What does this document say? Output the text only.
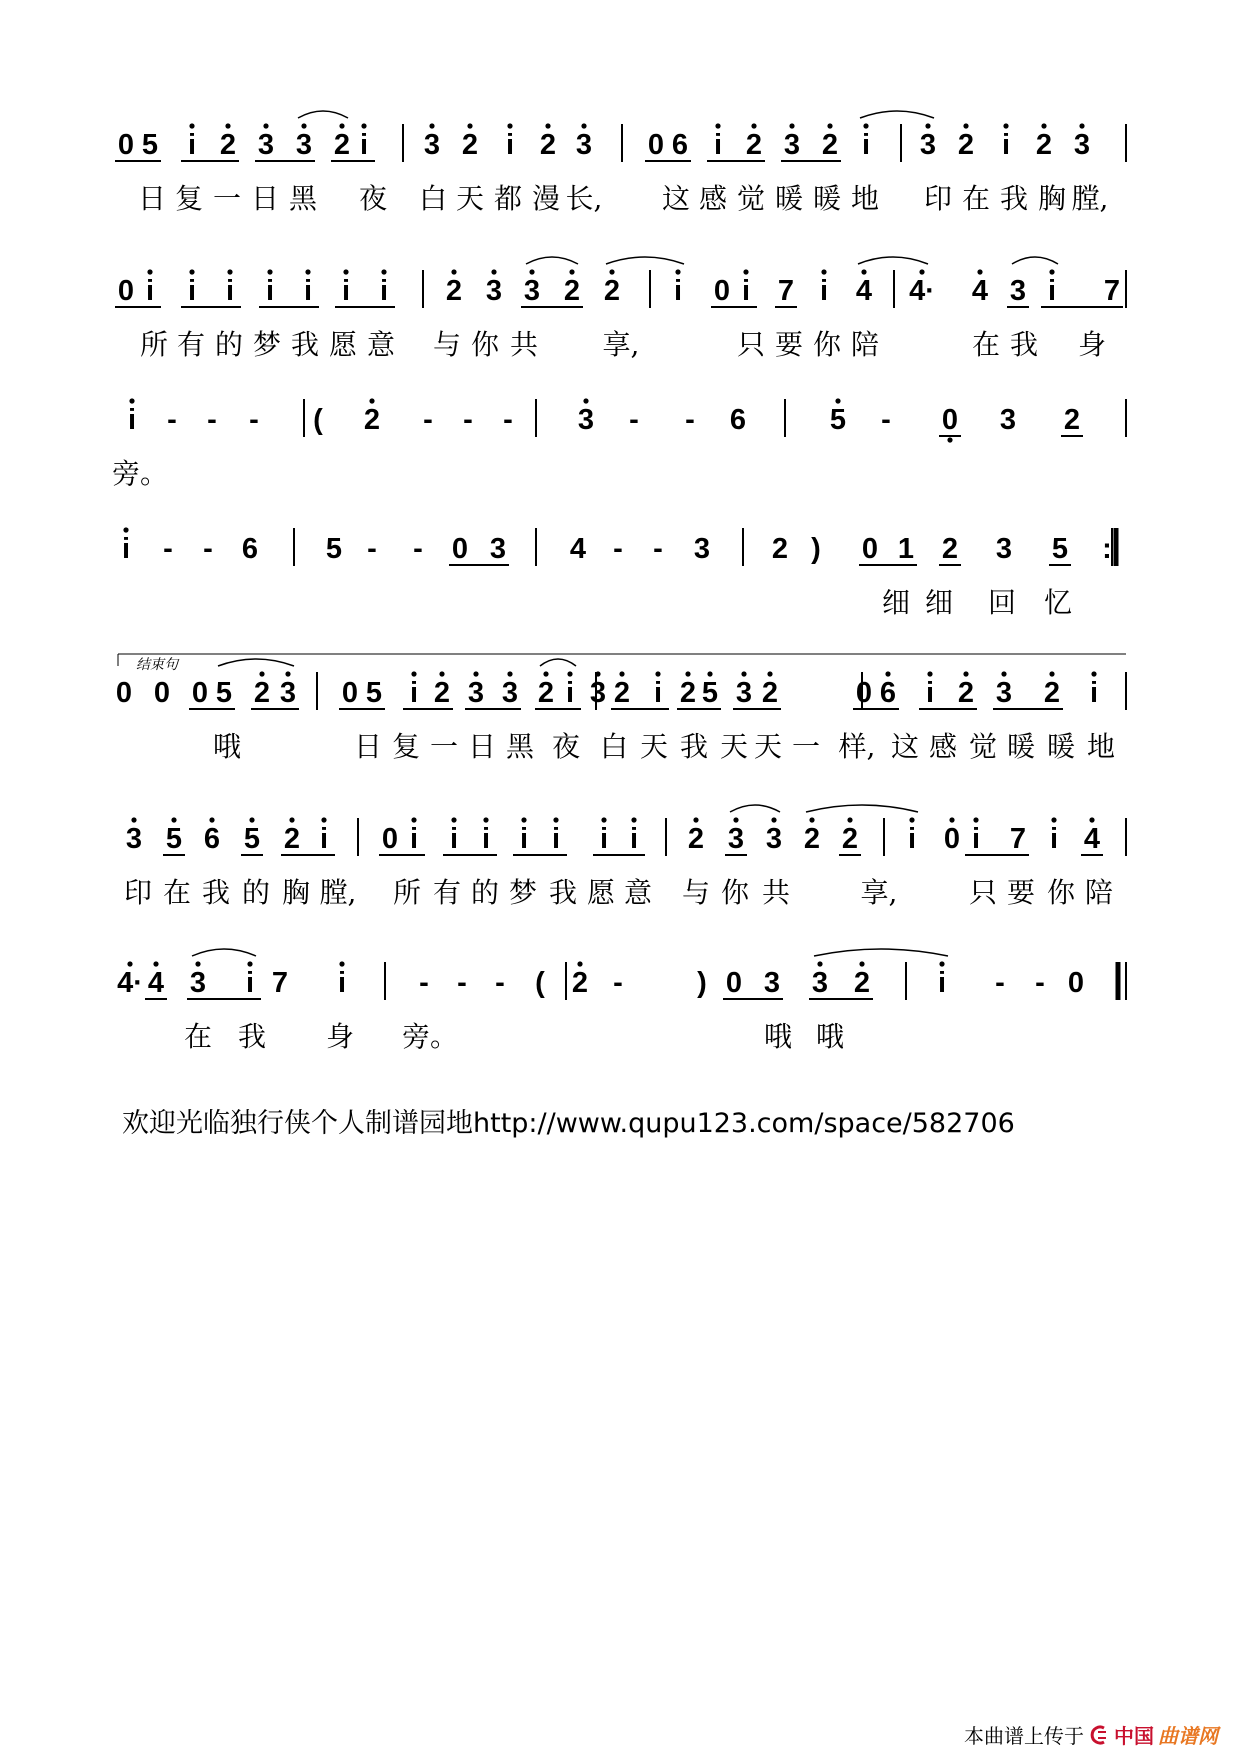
0 5 i 2 3 3 2 i 3 2 i 2 3 0 6 i 2 3 2 i 3 2 i 2 3
0 i i i i i i i 2 3 3 2 2 i 0 i 7 i 4 4· 4 3 i 7
i - - - ( 2 - - - 3 - - 6	5 - 0 3 2
i - - 6 5 - - 0 3 4 - - 3 2 ) 0 1 2 3 5 :
0 0 0 5 2 3 0 5 i 2 3 3 2 i 3 2 i 2 5 3 2	0 6 i 2 3 2 i
3 5 6 5 2 i 0 i i i i i i i 2 3 3 2 2 i 0 i 7 i 4
4· 4 3 i 7 i	- - - ( 2 -	) 0 3 3 2 i - - 0
日 复 一 日 黑 夜 白 天 都 漫 长, 这 感 觉 暖 暖 地 印 在 我 胸 膛,
所 有 的 梦 我 愿 意 与 你 共 享,	只 要 你 陪	在 我 身
旁。
细 细 回 忆
哦	日 复 一 日 黑 夜 白 天 我 天 天 一 样, 这 感 觉 暖 暖 地
印 在 我 的 胸 膛, 所 有 的 梦 我 愿 意 与 你 共	享,	只 要 你 陪
在 我 身 旁。	哦 哦
结束句
欢迎光临独行侠个人制谱园地http://www.qupu123.com/space/582706
本曲谱上传于 中国 曲谱网
